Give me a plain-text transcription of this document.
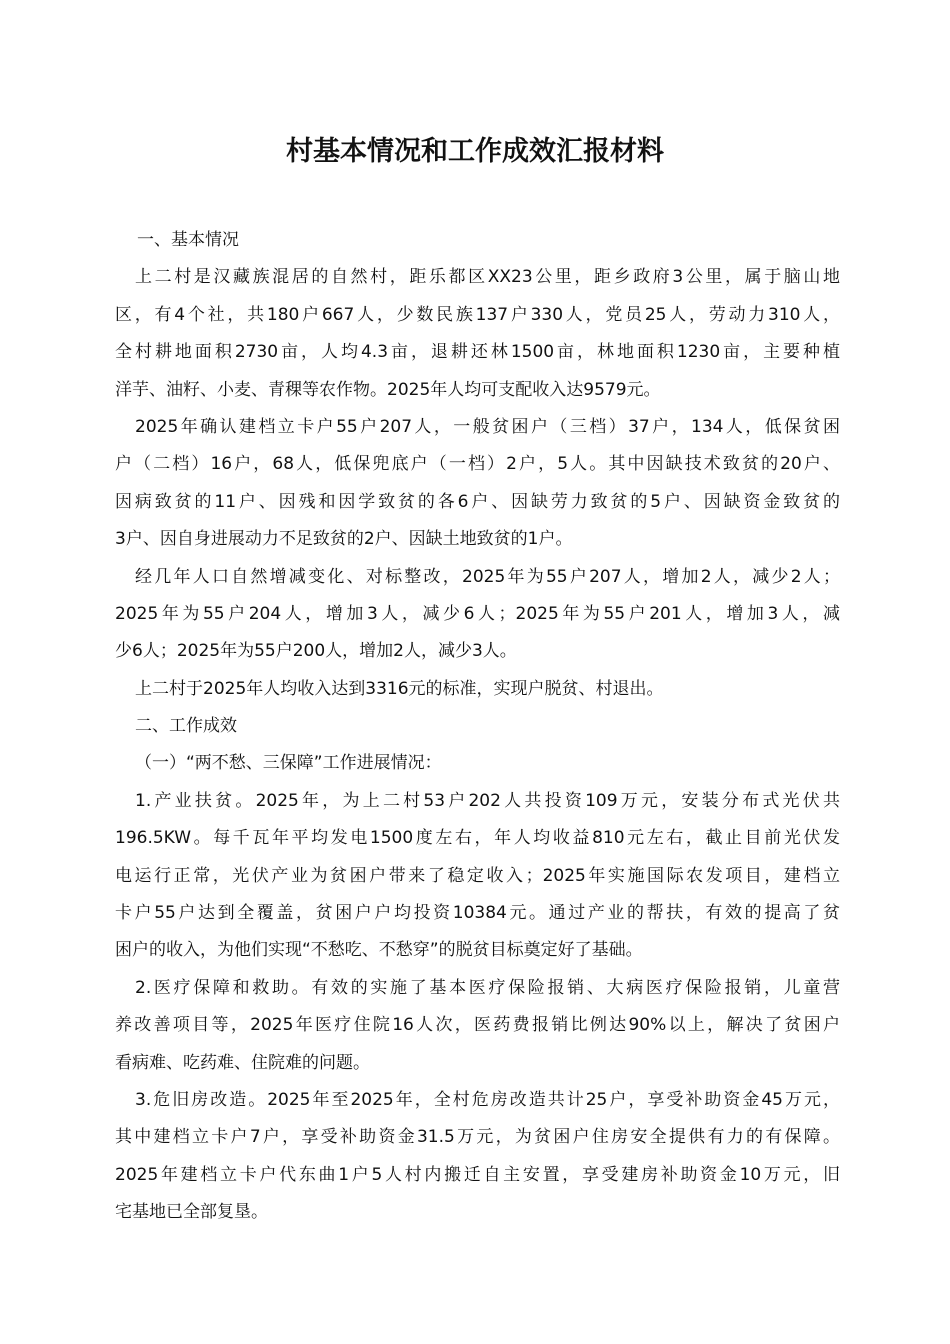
村基本情况和工作成效汇报材料
一、基本情况
上二村是汉藏族混居的自然村，距乐都区XX23公里，距乡政府3公里，属于脑山地
区，有4个社，共180户667人，少数民族137户330人，党员25人，劳动力310人，
全村耕地面积2730亩，人均4.3亩，退耕还林1500亩，林地面积1230亩，主要种植
洋芋、油籽、小麦、青稞等农作物。2025年人均可支配收入达9579元。
2025年确认建档立卡户55户207人，一般贫困户（三档）37户，134人，低保贫困
户（二档）16户，68人，低保兜底户（一档）2户，5人。其中因缺技术致贫的20户、
因病致贫的11户、因残和因学致贫的各6户、因缺劳力致贫的5户、因缺资金致贫的
3户、因自身进展动力不足致贫的2户、因缺土地致贫的1户。
经几年人口自然增减变化、对标整改，2025年为55户207人，增加2人，减少2人；
2025年为55户204人，增加3人，减少6人；2025年为55户201人，增加3人，减
少6人；2025年为55户200人，增加2人，减少3人。
上二村于2025年人均收入达到3316元的标准，实现户脱贫、村退出。
二、工作成效
（一）“两不愁、三保障”工作进展情况：
1.产业扶贫。2025年，为上二村53户202人共投资109万元，安装分布式光伏共
196.5KW。每千瓦年平均发电1500度左右，年人均收益810元左右，截止目前光伏发
电运行正常，光伏产业为贫困户带来了稳定收入；2025年实施国际农发项目，建档立
卡户55户达到全覆盖，贫困户户均投资10384元。通过产业的帮扶，有效的提高了贫
困户的收入，为他们实现“不愁吃、不愁穿”的脱贫目标奠定好了基础。
2.医疗保障和救助。有效的实施了基本医疗保险报销、大病医疗保险报销，儿童营
养改善项目等，2025年医疗住院16人次，医药费报销比例达90%以上，解决了贫困户
看病难、吃药难、住院难的问题。
3.危旧房改造。2025年至2025年，全村危房改造共计25户，享受补助资金45万元，
其中建档立卡户7户，享受补助资金31.5万元，为贫困户住房安全提供有力的有保障。
2025年建档立卡户代东曲1户5人村内搬迁自主安置，享受建房补助资金10万元，旧
宅基地已全部复垦。
